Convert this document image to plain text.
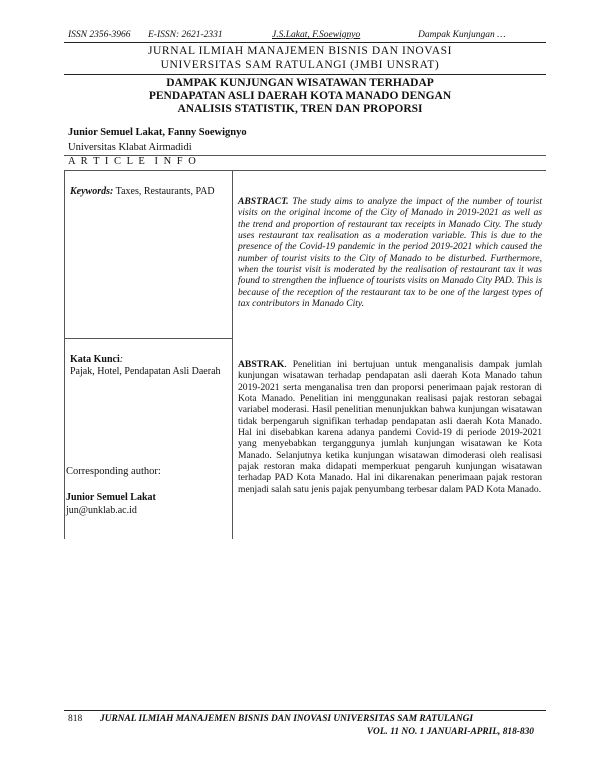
ISSN 2356-3966 E-ISSN: 2621-2331	J.S.Lakat, F.Soewignyo	Dampak Kunjungan …
JURNAL ILMIAH MANAJEMEN BISNIS DAN INOVASI
UNIVERSITAS SAM RATULANGI (JMBI UNSRAT)
DAMPAK KUNJUNGAN WISATAWAN TERHADAP
PENDAPATAN ASLI DAERAH KOTA MANADO DENGAN
ANALISIS STATISTIK, TREN DAN PROPORSI
Junior Semuel Lakat, Fanny Soewignyo
Universitas Klabat Airmadidi
A R T I C L E  I N F O
Keywords: Taxes, Restaurants, PAD
Kata Kunci:
Pajak, Hotel, Pendapatan Asli Daerah
Corresponding author:
Junior Semuel Lakat
jun@unklab.ac.id
ABSTRACT. The study aims to analyze the impact of the number of tourist visits on the original income of the City of Manado in 2019-2021 as well as the trend and proportion of restaurant tax receipts in Manado City. The study uses restaurant tax realisation as a moderation variable. This is due to the presence of the Covid-19 pandemic in the period 2019-2021 which caused the number of tourist visits to the City of Manado to be disturbed. Furthermore, when the tourist visit is moderated by the realisation of restaurant tax it was found to strengthen the influence of tourists visits on Manado City PAD. This is because of the reception of the restaurant tax to be one of the largest types of tax contributors in Manado City.
ABSTRAK. Penelitian ini bertujuan untuk menganalisis dampak jumlah kunjungan wisatawan terhadap pendapatan asli daerah Kota Manado tahun 2019-2021 serta menganalisa tren dan proporsi penerimaan pajak restoran di Kota Manado. Penelitian ini menggunakan realisasi pajak restoran sebagai variabel moderasi. Hasil penelitian menunjukkan bahwa kunjungan wisatawan tidak berpengaruh signifikan terhadap pendapatan asli daerah Kota Manado. Hal ini disebabkan karena adanya pandemi Covid-19 di periode 2019-2021 yang menyebabkan terganggunya jumlah kunjungan wisatawan ke Kota Manado. Selanjutnya ketika kunjungan wisatawan dimoderasi oleh realisasi pajak restoran maka didapati memperkuat pengaruh kunjungan wisatawan terhadap PAD Kota Manado. Hal ini dikarenakan penerimaan pajak restoran menjadi salah satu jenis pajak penyumbang terbesar dalam PAD Kota Manado.
818 JURNAL ILMIAH MANAJEMEN BISNIS DAN INOVASI UNIVERSITAS SAM RATULANGI
VOL. 11 NO. 1 JANUARI-APRIL, 818-830
